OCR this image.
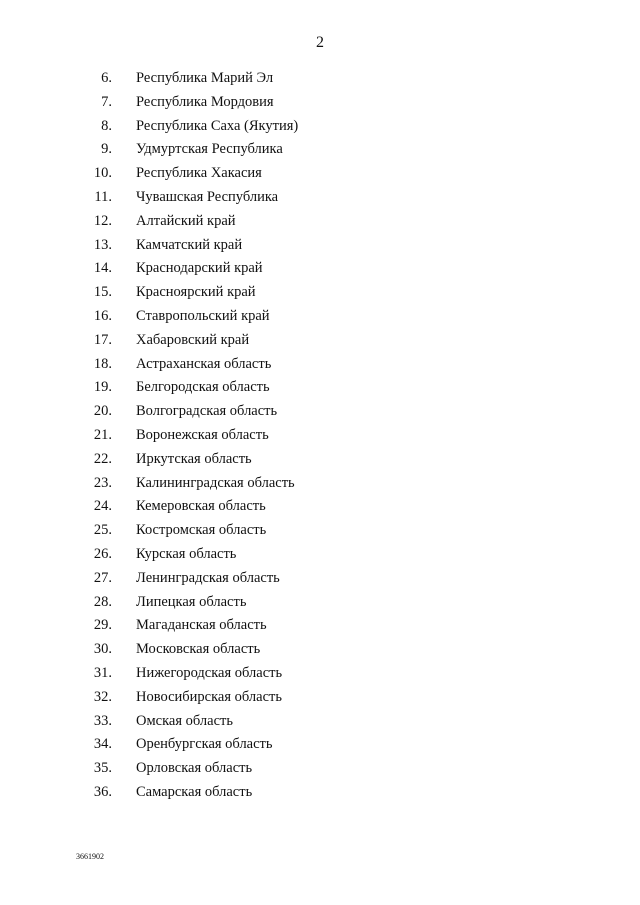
2
6. Республика Марий Эл
7. Республика Мордовия
8. Республика Саха (Якутия)
9. Удмуртская Республика
10. Республика Хакасия
11. Чувашская Республика
12. Алтайский край
13. Камчатский край
14. Краснодарский край
15. Красноярский край
16. Ставропольский край
17. Хабаровский край
18. Астраханская область
19. Белгородская область
20. Волгоградская область
21. Воронежская область
22. Иркутская область
23. Калининградская область
24. Кемеровская область
25. Костромская область
26. Курская область
27. Ленинградская область
28. Липецкая область
29. Магаданская область
30. Московская область
31. Нижегородская область
32. Новосибирская область
33. Омская область
34. Оренбургская область
35. Орловская область
36. Самарская область
3661902
